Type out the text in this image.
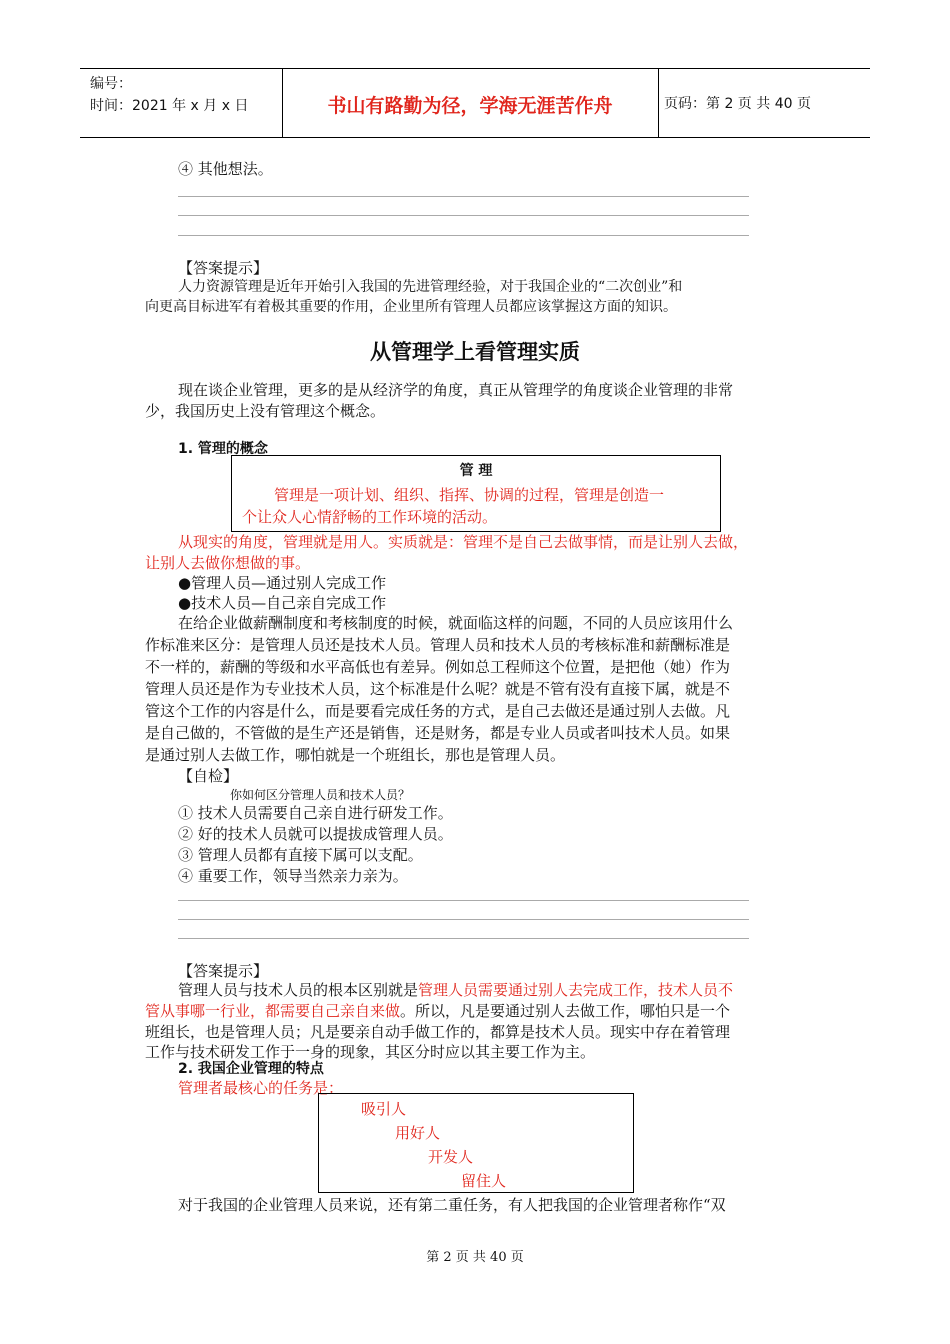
编号：
时间：2021 年 x 月 x 日	书山有路勤为径，学海无涯苦作舟	页码：第 2 页 共 40 页
④ 其他想法。
【答案提示】
人力资源管理是近年开始引入我国的先进管理经验，对于我国企业的“二次创业”和
向更高目标进军有着极其重要的作用，企业里所有管理人员都应该掌握这方面的知识。
从管理学上看管理实质
现在谈企业管理，更多的是从经济学的角度，真正从管理学的角度谈企业管理的非常
少，我国历史上没有管理这个概念。
1. 管理的概念
管 理
管理是一项计划、组织、指挥、协调的过程，管理是创造一
个让众人心情舒畅的工作环境的活动。
从现实的角度，管理就是用人。实质就是：管理不是自己去做事情，而是让别人去做，
让别人去做你想做的事。
●管理人员—通过别人完成工作
●技术人员—自己亲自完成工作
在给企业做薪酬制度和考核制度的时候，就面临这样的问题，不同的人员应该用什么
作标准来区分：是管理人员还是技术人员。管理人员和技术人员的考核标准和薪酬标准是
不一样的，薪酬的等级和水平高低也有差异。例如总工程师这个位置，是把他（她）作为
管理人员还是作为专业技术人员，这个标准是什么呢？就是不管有没有直接下属，就是不
管这个工作的内容是什么，而是要看完成任务的方式，是自己去做还是通过别人去做。凡
是自己做的，不管做的是生产还是销售，还是财务，都是专业人员或者叫技术人员。如果
是通过别人去做工作，哪怕就是一个班组长，那也是管理人员。
【自检】
你如何区分管理人员和技术人员？
① 技术人员需要自己亲自进行研发工作。
② 好的技术人员就可以提拔成管理人员。
③ 管理人员都有直接下属可以支配。
④ 重要工作，领导当然亲力亲为。
【答案提示】
管理人员与技术人员的根本区别就是管理人员需要通过别人去完成工作，技术人员不
管从事哪一行业，都需要自己亲自来做。所以，凡是要通过别人去做工作，哪怕只是一个
班组长，也是管理人员；凡是要亲自动手做工作的，都算是技术人员。现实中存在着管理
工作与技术研发工作于一身的现象，其区分时应以其主要工作为主。
2. 我国企业管理的特点
管理者最核心的任务是：
吸引人
用好人
开发人
留住人
对于我国的企业管理人员来说，还有第二重任务，有人把我国的企业管理者称作“双
第 2 页 共 40 页
